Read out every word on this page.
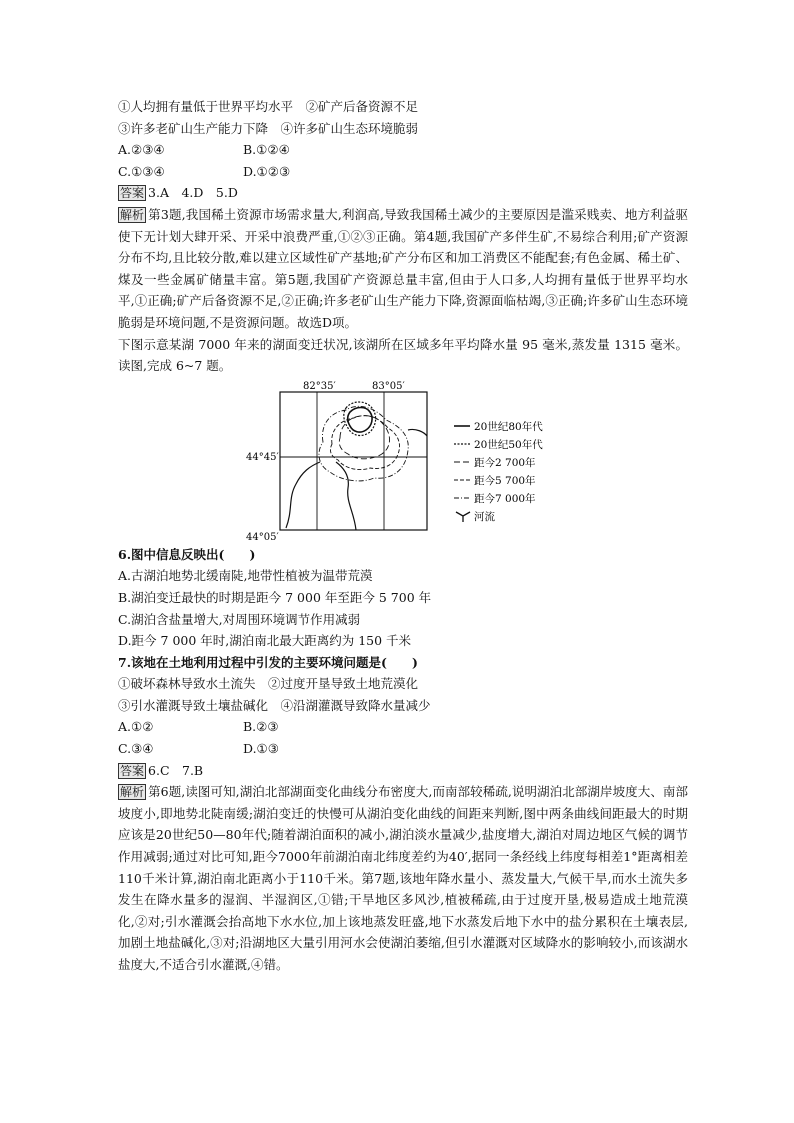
①人均拥有量低于世界平均水平　 ②矿产后备资源不足

③许多老矿山生产能力下降　 ④许多矿山生态环境脆弱

A.②③④	B.①②④

C.①③④	D.①②③

答案 3.A　4.D　5.D

解析 第3题,我国稀土资源市场需求量大,利润高,导致我国稀土减少的主要原因是滥采贱卖、地方利益驱使下无计划大肆开采、开采中浪费严重,①②③正确。第4题,我国矿产多伴生矿,不易综合利用;矿产资源分布不均,且比较分散,难以建立区域性矿产基地;矿产分布区和加工消费区不能配套;有色金属、稀土矿、煤及一些金属矿储量丰富。第5题,我国矿产资源总量丰富,但由于人口多,人均拥有量低于世界平均水平,①正确;矿产后备资源不足,②正确;许多老矿山生产能力下降,资源面临枯竭,③正确;许多矿山生态环境脆弱是环境问题,不是资源问题。故选D项。

下图示意某湖 7000 年来的湖面变迁状况,该湖所在区域多年平均降水量 95 毫米,蒸发量 1315 毫米。读图,完成 6~7 题。

82°35′	83°05′
44°45′
44°05′
20世纪80年代
20世纪50年代
距今2 700年
距今5 700年
距今7 000年
河流

6.图中信息反映出(　　)

A.古湖泊地势北缓南陡,地带性植被为温带荒漠

B.湖泊变迁最快的时期是距今 7 000 年至距今 5 700 年

C.湖泊含盐量增大,对周围环境调节作用减弱

D.距今 7 000 年时,湖泊南北最大距离约为 150 千米

7.该地在土地利用过程中引发的主要环境问题是(　　)

①破坏森林导致水土流失　 ②过度开垦导致土地荒漠化

③引水灌溉导致土壤盐碱化　 ④沿湖灌溉导致降水量减少

A.①②	B.②③

C.③④	D.①③

答案 6.C　7.B

解析 第6题,读图可知,湖泊北部湖面变化曲线分布密度大,而南部较稀疏,说明湖泊北部湖岸坡度大、南部坡度小,即地势北陡南缓;湖泊变迁的快慢可从湖泊变化曲线的间距来判断,图中两条曲线间距最大的时期应该是20世纪50—80年代;随着湖泊面积的减小,湖泊淡水量减少,盐度增大,湖泊对周边地区气候的调节作用减弱;通过对比可知,距今7000年前湖泊南北纬度差约为40′,据同一条经线上纬度每相差1°距离相差110千米计算,湖泊南北距离小于110千米。第7题,该地年降水量小、蒸发量大,气候干旱,而水土流失多发生在降水量多的湿润、半湿润区,①错;干旱地区多风沙,植被稀疏,由于过度开垦,极易造成土地荒漠化,②对;引水灌溉会抬高地下水水位,加上该地蒸发旺盛,地下水蒸发后地下水中的盐分累积在土壤表层,加剧土地盐碱化,③对;沿湖地区大量引用河水会使湖泊萎缩,但引水灌溉对区域降水的影响较小,而该湖水盐度大,不适合引水灌溉,④错。
